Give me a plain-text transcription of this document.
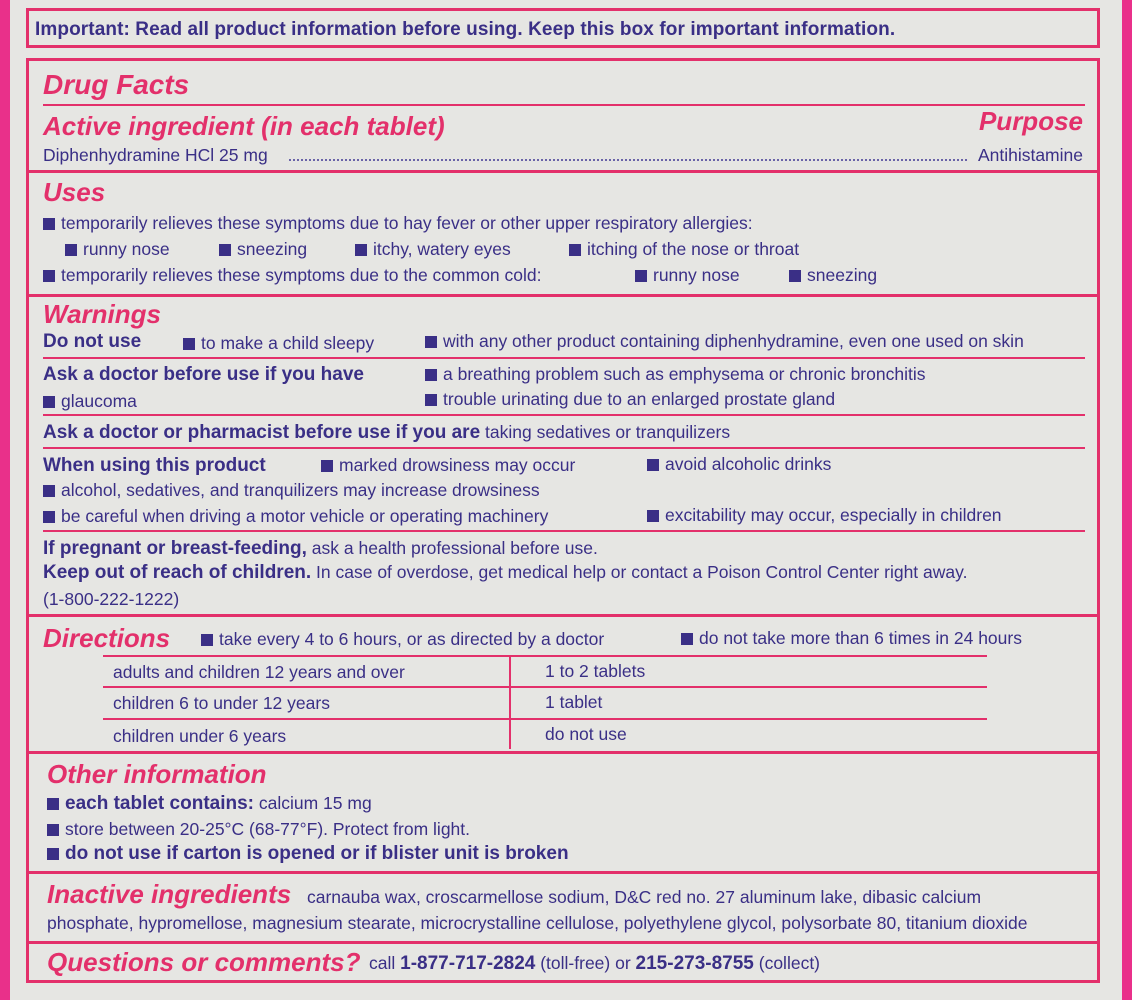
Important: Read all product information before using. Keep this box for important information.
Drug Facts
Active ingredient (in each tablet)	Purpose
Diphenhydramine HCl 25 mg	Antihistamine
Uses
temporarily relieves these symptoms due to hay fever or other upper respiratory allergies:
runny nose	sneezing	itchy, watery eyes	itching of the nose or throat
temporarily relieves these symptoms due to the common cold:	runny nose	sneezing
Warnings
Do not use	to make a child sleepy	with any other product containing diphenhydramine, even one used on skin
Ask a doctor before use if you have	a breathing problem such as emphysema or chronic bronchitis
glaucoma	trouble urinating due to an enlarged prostate gland
Ask a doctor or pharmacist before use if you are taking sedatives or tranquilizers
When using this product	marked drowsiness may occur	avoid alcoholic drinks
alcohol, sedatives, and tranquilizers may increase drowsiness
be careful when driving a motor vehicle or operating machinery	excitability may occur, especially in children
If pregnant or breast-feeding, ask a health professional before use.
Keep out of reach of children. In case of overdose, get medical help or contact a Poison Control Center right away.
(1-800-222-1222)
Directions	take every 4 to 6 hours, or as directed by a doctor	do not take more than 6 times in 24 hours
adults and children 12 years and over	1 to 2 tablets
children 6 to under 12 years	1 tablet
children under 6 years	do not use
Other information
each tablet contains: calcium 15 mg
store between 20-25°C (68-77°F). Protect from light.
do not use if carton is opened or if blister unit is broken
Inactive ingredients carnauba wax, croscarmellose sodium, D&C red no. 27 aluminum lake, dibasic calcium
phosphate, hypromellose, magnesium stearate, microcrystalline cellulose, polyethylene glycol, polysorbate 80, titanium dioxide
Questions or comments? call 1-877-717-2824 (toll-free) or 215-273-8755 (collect)
